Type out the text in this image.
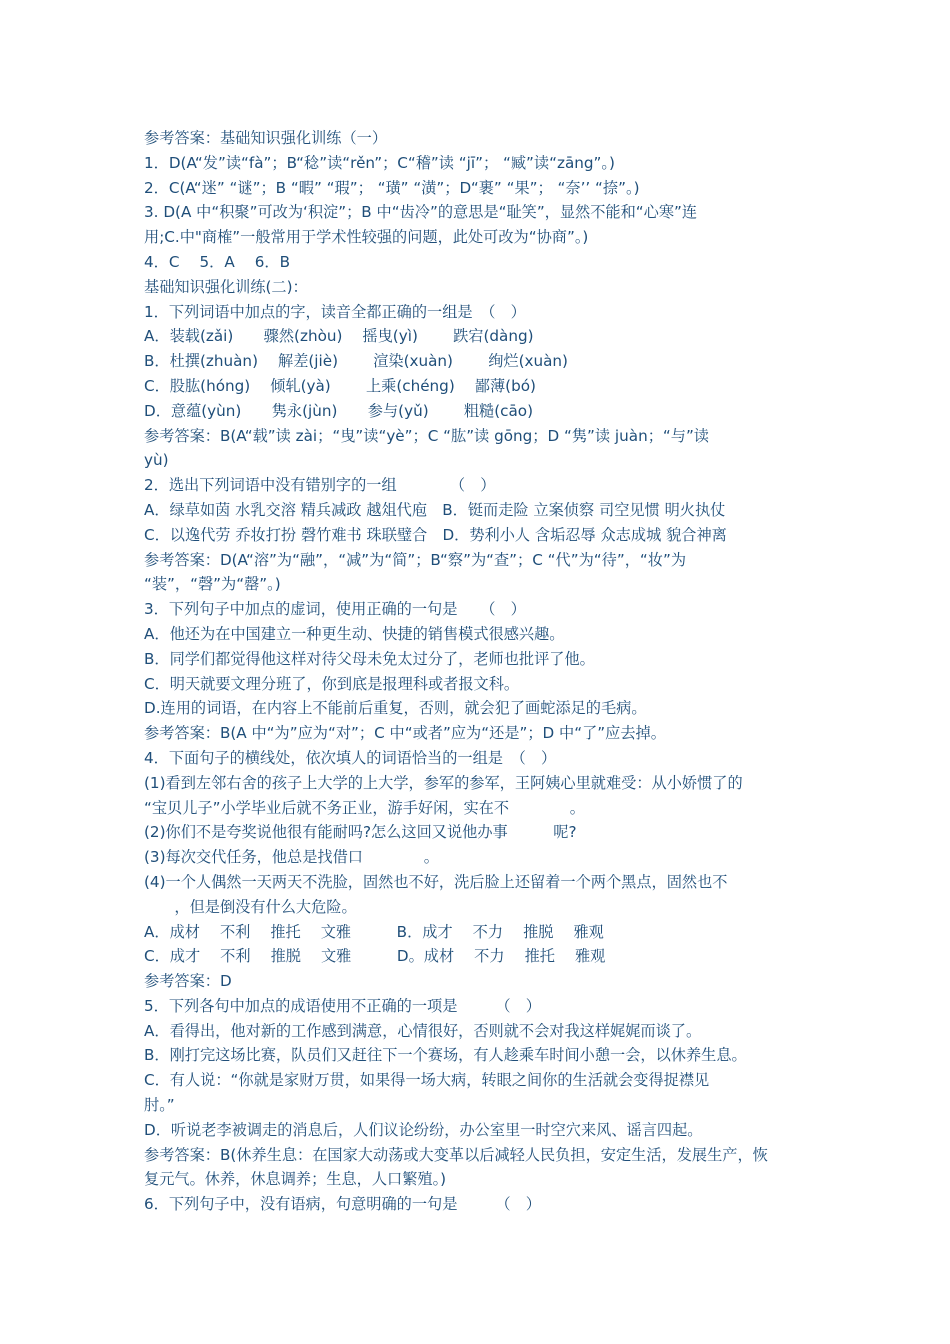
参考答案：基础知识强化训练（一）
1．D(A“发”读“fà”；B“稔”读“rěn”；C“稽”读 “jī”； “臧”读“zāng”。)
2．C(A“迷” “谜”；B “暇” “瑕”； “璜” “潢”；D“裹” “果”； “奈’’ “捺”。)
3. D(A 中“积聚”可改为‘积淀”；B 中“齿冷”的意思是“耻笑”，显然不能和“心寒”连
用;C.中"商榷”一般常用于学术性较强的问题，此处可改为“协商”。)
4．C　 5．A　 6．B
基础知识强化训练(二)：
1．下列词语中加点的字，读音全都正确的一组是　（　）
A．装载(zǎi)　　骤然(zhòu)　 摇曳(yì)　　 跌宕(dàng)
B．杜撰(zhuàn)　 解差(jiè)　　 渲染(xuàn)　　 绚烂(xuàn)
C．股肱(hóng)　 倾轧(yà)　　 上乘(chéng)　 鄙薄(bó)
D．意蕴(yùn)　　隽永(jùn)　　参与(yǔ)　　 粗糙(cāo)
参考答案：B(A“载”读 zài；“曳”读“yè”；C “肱”读 gōng；D “隽”读 juàn；“与”读
yù)
2．选出下列词语中没有错别字的一组　　　　（　）
A．绿草如茵 水乳交溶 精兵减政 越俎代庖　B．铤而走险 立案侦察 司空见惯 明火执仗
C．以逸代劳 乔妆打扮 磬竹难书 珠联璧合　D．势利小人 含垢忍辱 众志成城 貌合神离
参考答案：D(A“溶”为“融”，“减”为“简”；B“察”为“查”；C “代”为“待”，“妆”为
“装”，“磬”为“罄”。)
3．下列句子中加点的虚词，使用正确的一句是　　（　）
A．他还为在中国建立一种更生动、快捷的销售模式很感兴趣。
B．同学们都觉得他这样对待父母未免太过分了，老师也批评了他。
C．明天就要文理分班了，你到底是报理科或者报文科。
D.连用的词语，在内容上不能前后重复，否则，就会犯了画蛇添足的毛病。
参考答案：B(A 中“为”应为“对”；C 中“或者”应为“还是”；D 中“了”应去掉。
4．下面句子的横线处，依次填人的词语恰当的一组是　（　）
(1)看到左邻右舍的孩子上大学的上大学，参军的参军，王阿姨心里就难受：从小娇惯了的
“宝贝儿子”小学毕业后就不务正业，游手好闲，实在不　　　　。
(2)你们不是夸奖说他很有能耐吗?怎么这回又说他办事　　　呢?
(3)每次交代任务，他总是找借口　　　　。
(4)一个人偶然一天两天不洗脸，固然也不好，洗后脸上还留着一个两个黑点，固然也不
　　，但是倒没有什么大危险。
A．成材　 不利　 推托　 文雅　　　B．成才　 不力　 推脱　 雅观
C．成才　 不利　 推脱　 文雅　　　D。成材　 不力　 推托　 雅观
参考答案：D
5．下列各句中加点的成语使用不正确的一项是　　　（　）
A．看得出，他对新的工作感到满意，心情很好，否则就不会对我这样娓娓而谈了。
B．刚打完这场比赛，队员们又赶往下一个赛场，有人趁乘车时间小憩一会，以休养生息。
C．有人说：“你就是家财万贯，如果得一场大病，转眼之间你的生活就会变得捉襟见
肘。”
D．听说老李被调走的消息后，人们议论纷纷，办公室里一时空穴来风、谣言四起。
参考答案：B(休养生息：在国家大动荡或大变革以后减轻人民负担，安定生活，发展生产，恢
复元气。休养，休息调养；生息，人口繁殖。)
6．下列句子中，没有语病，句意明确的一句是　　　（　）
